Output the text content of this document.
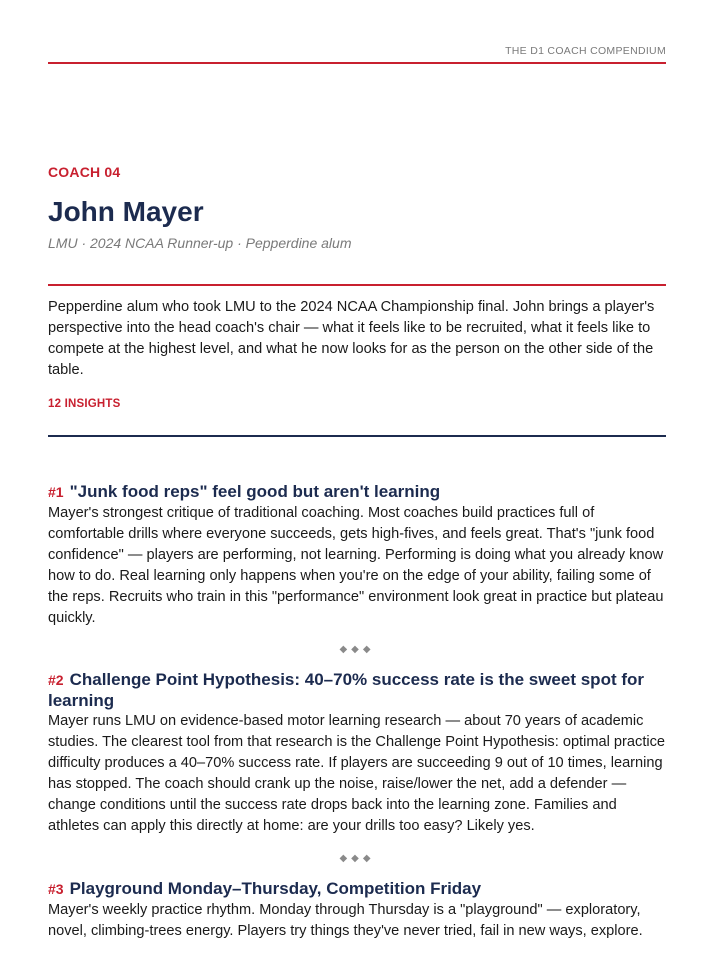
THE D1 COACH COMPENDIUM
COACH 04
John Mayer
LMU · 2024 NCAA Runner-up · Pepperdine alum

Pepperdine alum who took LMU to the 2024 NCAA Championship final. John brings a player's perspective into the head coach's chair — what it feels like to be recruited, what it feels like to compete at the highest level, and what he now looks for as the person on the other side of the table.

12 INSIGHTS
#1 "Junk food reps" feel good but aren't learning

Mayer's strongest critique of traditional coaching. Most coaches build practices full of comfortable drills where everyone succeeds, gets high-fives, and feels great. That's "junk food confidence" — players are performing, not learning. Performing is doing what you already know how to do. Real learning only happens when you're on the edge of your ability, failing some of the reps. Recruits who train in this "performance" environment look great in practice but plateau quickly.

◆◆◆
#2 Challenge Point Hypothesis: 40–70% success rate is the sweet spot for learning

Mayer runs LMU on evidence-based motor learning research — about 70 years of academic studies. The clearest tool from that research is the Challenge Point Hypothesis: optimal practice difficulty produces a 40–70% success rate. If players are succeeding 9 out of 10 times, learning has stopped. The coach should crank up the noise, raise/lower the net, add a defender — change conditions until the success rate drops back into the learning zone. Families and athletes can apply this directly at home: are your drills too easy? Likely yes.

◆◆◆
#3 Playground Monday–Thursday, Competition Friday

Mayer's weekly practice rhythm. Monday through Thursday is a "playground" — exploratory, novel, climbing-trees energy. Players try things they've never tried, fail in new ways, explore.
